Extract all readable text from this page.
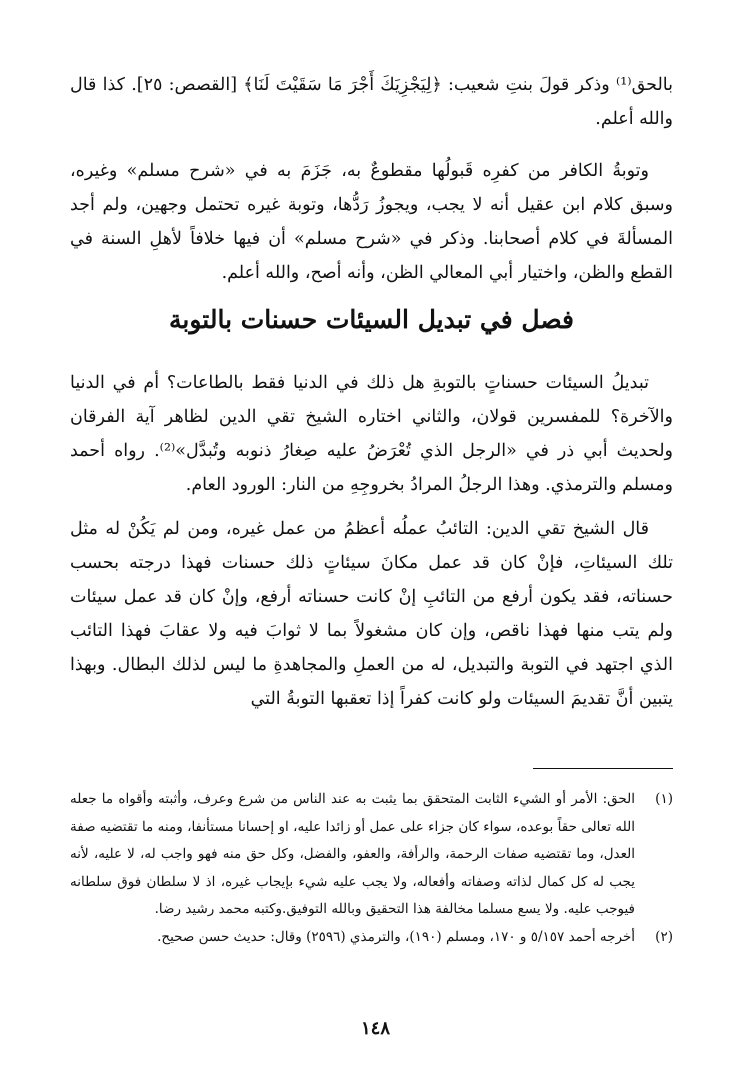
بالحق⁽¹⁾ وذكر قولَ بنتِ شعيب: ﴿لِيَجْزِيَكَ أَجْرَ مَا سَقَيْتَ لَنَا﴾ [القصص: ٢٥]. كذا قال والله أعلم.

وتوبةُ الكافر من كفرِه قَبولُها مقطوعٌ به، جَزَمَ به في «شرح مسلم» وغيره، وسبق كلام ابن عقيل أنه لا يجب، ويجوزُ رَدُّها، وتوبة غيره تحتمل وجهين، ولم أجد المسألةَ في كلام أصحابنا. وذكر في «شرح مسلم» أن فيها خلافاً لأهلِ السنة في القطع والظن، واختيار أبي المعالي الظن، وأنه أصح، والله أعلم.

فصل في تبديل السيئات حسنات بالتوبة

تبديلُ السيئات حسناتٍ بالتوبةِ هل ذلك في الدنيا فقط بالطاعات؟ أم في الدنيا والآخرة؟ للمفسرين قولان، والثاني اختاره الشيخ تقي الدين لظاهر آية الفرقان ولحديث أبي ذر في «الرجل الذي تُعْرَضُ عليه صِغارُ ذنوبه وتُبدَّل»⁽²⁾. رواه أحمد ومسلم والترمذي. وهذا الرجلُ المرادُ بخروجِهِ من النار: الورود العام.

قال الشيخ تقي الدين: التائبُ عملُه أعظمُ من عمل غيره، ومن لم يَكُنْ له مثل تلك السيئاتِ، فإنْ كان قد عمل مكانَ سيئاتٍ ذلك حسنات فهذا درجته بحسب حسناته، فقد يكون أرفع من التائبِ إنْ كانت حسناته أرفع، وإنْ كان قد عمل سيئات ولم يتب منها فهذا ناقص، وإن كان مشغولاً بما لا ثوابَ فيه ولا عقابَ فهذا التائب الذي اجتهد في التوبة والتبديل، له من العملِ والمجاهدةِ ما ليس لذلك البطال. وبهذا يتبين أنَّ تقديمَ السيئات ولو كانت كفراً إذا تعقبها التوبةُ التي

(١)
الحق: الأمر أو الشيء الثابت المتحقق بما يثبت به عند الناس من شرع وعرف، وأثبته وأقواه ما جعله الله تعالى حقاً بوعده، سواء كان جزاء على عمل أو زائدا عليه، او إحسانا مستأنفا، ومنه ما تقتضيه صفة العدل، وما تقتضيه صفات الرحمة، والرأفة، والعفو، والفضل، وكل حق منه فهو واجب له، لا عليه، لأنه يجب له كل كمال لذاته وصفاته وأفعاله، ولا يجب عليه شيء بإيجاب غيره، اذ لا سلطان فوق سلطانه فيوجب عليه. ولا يسع مسلما مخالفة هذا التحقيق وبالله التوفيق.وكتبه محمد رشيد رضا.
(٢)
أخرجه أحمد ٥/١٥٧ و ١٧٠، ومسلم (١٩٠)، والترمذي (٢٥٩٦) وقال: حديث حسن صحيح.
١٤٨
